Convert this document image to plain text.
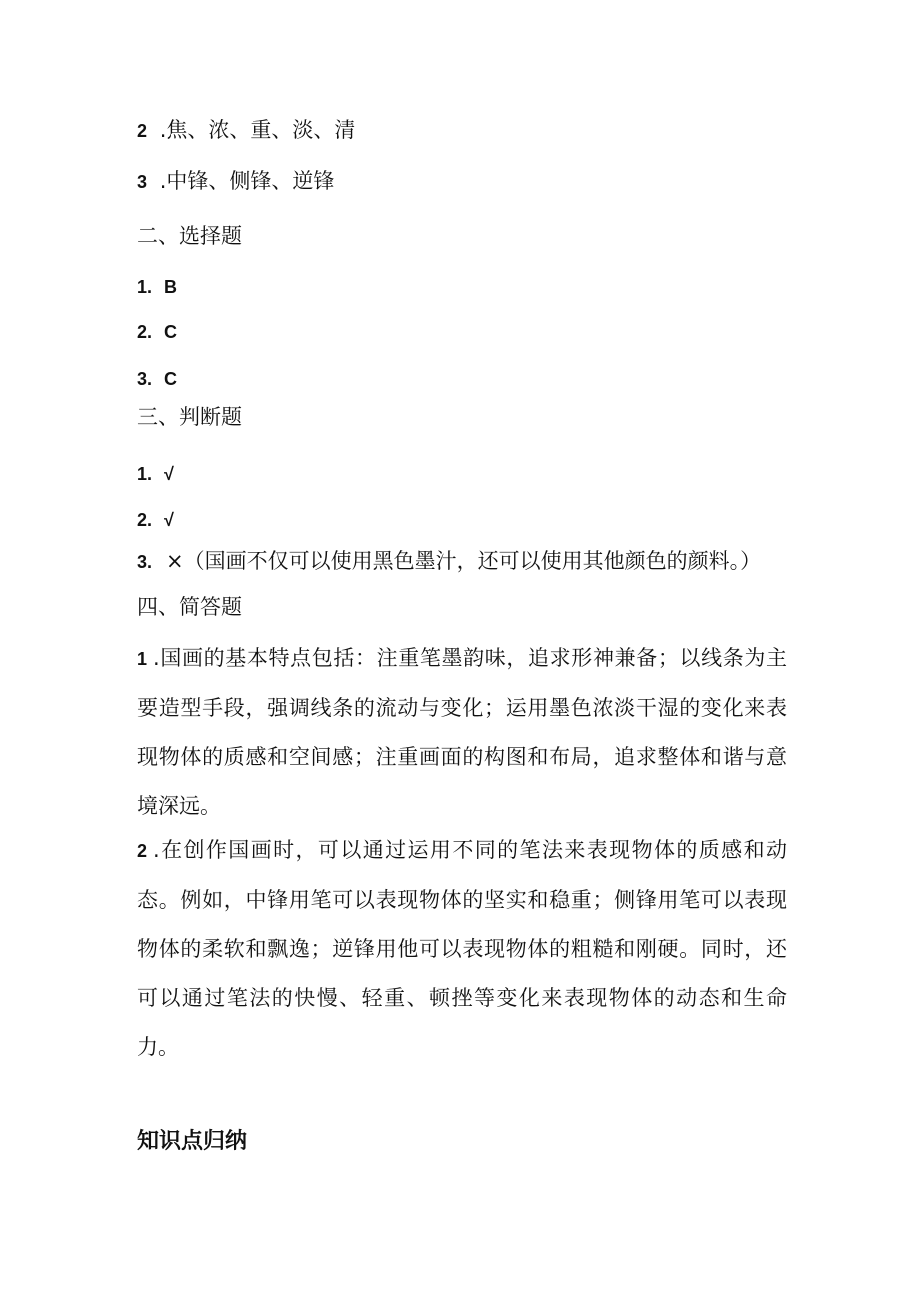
2 .焦、浓、重、淡、清
3 .中锋、侧锋、逆锋
二、选择题
1. B
2. C
3. C
三、判断题
1. √
2. √
3. ×（国画不仅可以使用黑色墨汁，还可以使用其他颜色的颜料。）
四、简答题
1 .国画的基本特点包括：注重笔墨韵味，追求形神兼备；以线条为主要造型手段，强调线条的流动与变化；运用墨色浓淡干湿的变化来表现物体的质感和空间感；注重画面的构图和布局，追求整体和谐与意境深远。
2 .在创作国画时，可以通过运用不同的笔法来表现物体的质感和动态。例如，中锋用笔可以表现物体的坚实和稳重；侧锋用笔可以表现物体的柔软和飘逸；逆锋用他可以表现物体的粗糙和刚硬。同时，还可以通过笔法的快慢、轻重、顿挫等变化来表现物体的动态和生命力。
知识点归纳
